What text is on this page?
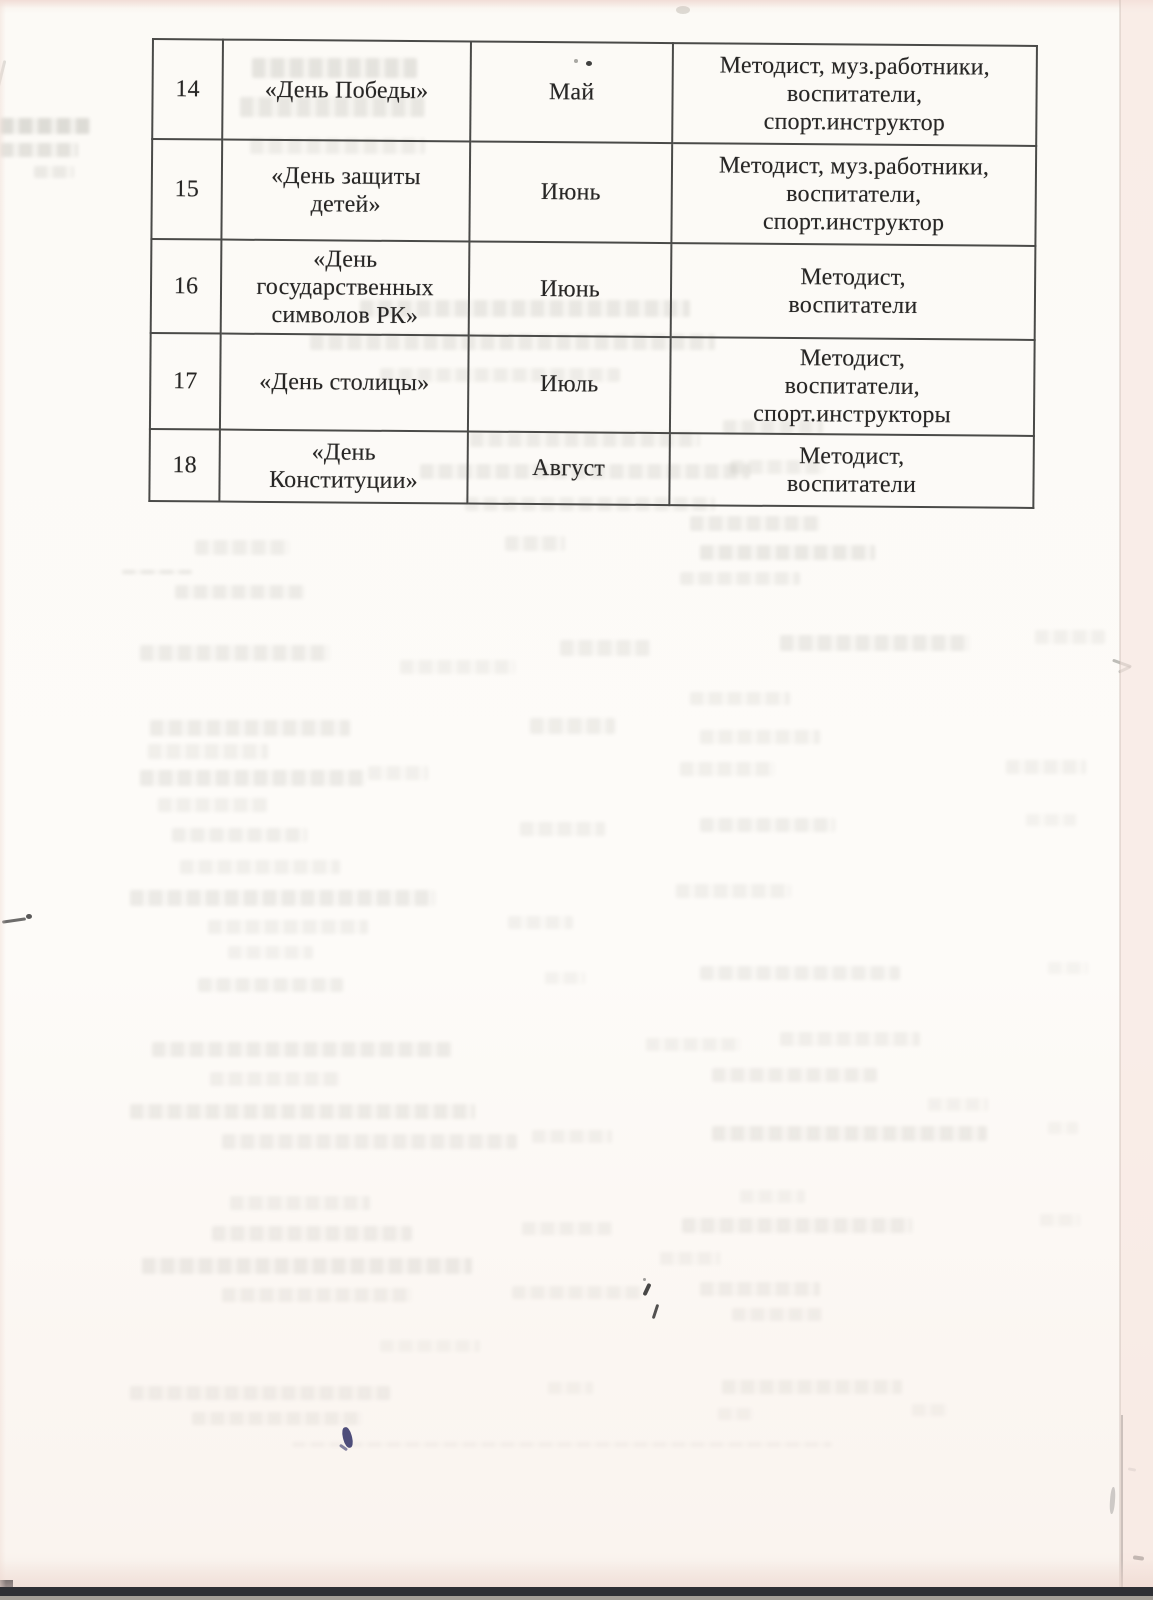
14	«День Победы»	Май	Методист, муз.работники,
воспитатели,
спорт.инструктор
15	«День защиты
детей»	Июнь	Методист, муз.работники,
воспитатели,
спорт.инструктор
16	«День
государственных
символов РК»	Июнь	Методист,
воспитатели
17	«День столицы»	Июль	Методист,
воспитатели,
спорт.инструкторы
18	«День
Конституции»	Август	Методист,
воспитатели
